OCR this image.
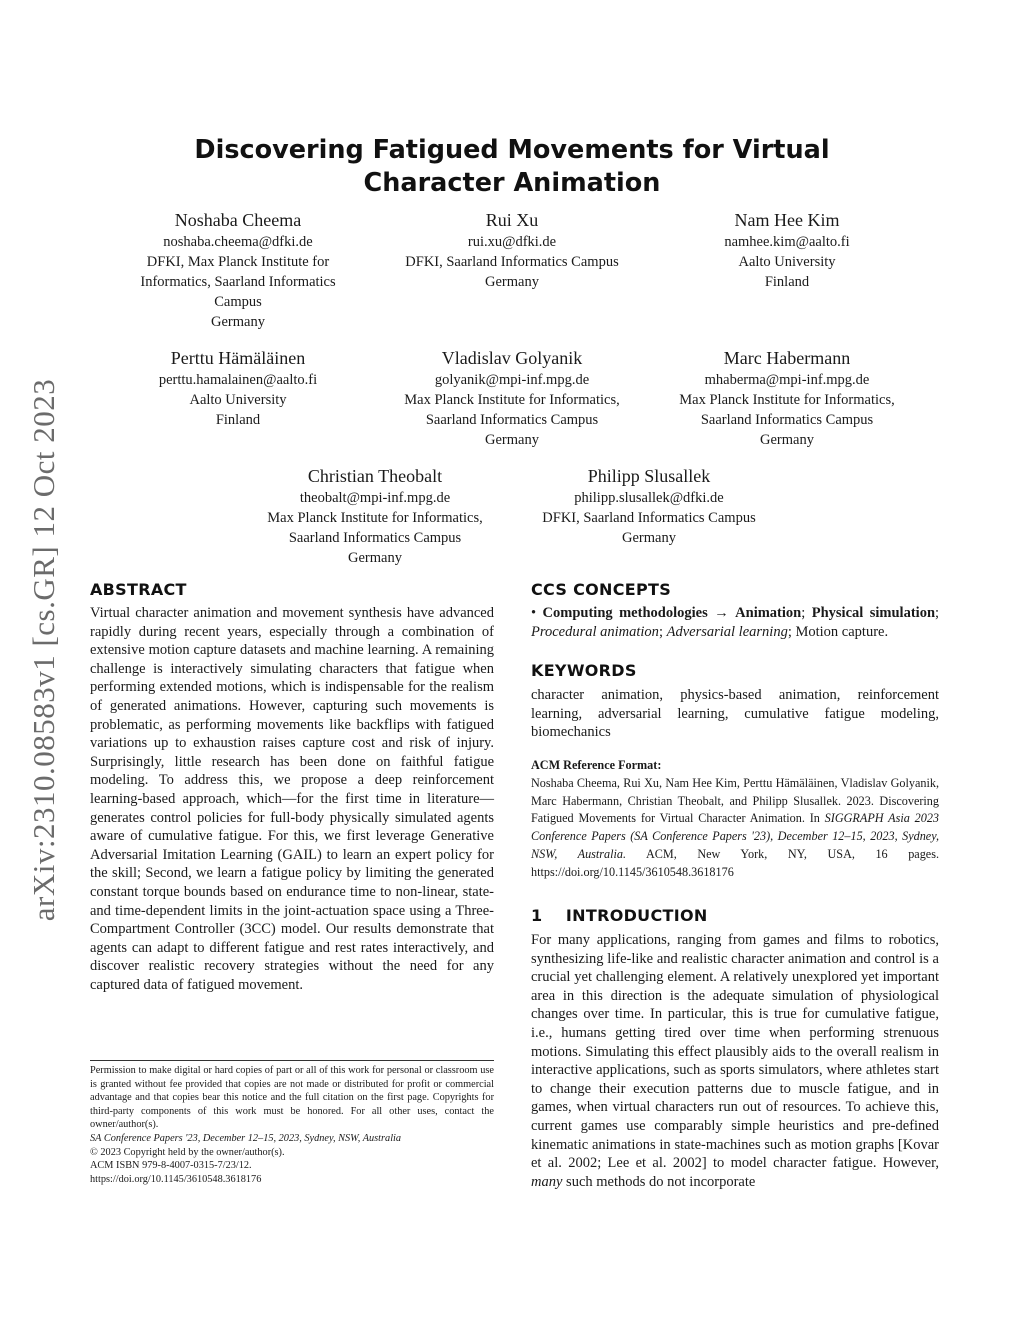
arXiv:2310.08583v1 [cs.GR] 12 Oct 2023
Discovering Fatigued Movements for Virtual Character Animation
Noshaba Cheema
noshaba.cheema@dfki.de
DFKI, Max Planck Institute for
Informatics, Saarland Informatics
Campus
Germany
Rui Xu
rui.xu@dfki.de
DFKI, Saarland Informatics Campus
Germany
Nam Hee Kim
namhee.kim@aalto.fi
Aalto University
Finland
Perttu Hämäläinen
perttu.hamalainen@aalto.fi
Aalto University
Finland
Vladislav Golyanik
golyanik@mpi-inf.mpg.de
Max Planck Institute for Informatics,
Saarland Informatics Campus
Germany
Marc Habermann
mhaberma@mpi-inf.mpg.de
Max Planck Institute for Informatics,
Saarland Informatics Campus
Germany
Christian Theobalt
theobalt@mpi-inf.mpg.de
Max Planck Institute for Informatics,
Saarland Informatics Campus
Germany
Philipp Slusallek
philipp.slusallek@dfki.de
DFKI, Saarland Informatics Campus
Germany
ABSTRACT

Virtual character animation and movement synthesis have advanced rapidly during recent years, especially through a combination of extensive motion capture datasets and machine learning. A remaining challenge is interactively simulating characters that fatigue when performing extended motions, which is indispensable for the realism of generated animations. However, capturing such movements is problematic, as performing movements like backflips with fatigued variations up to exhaustion raises capture cost and risk of injury. Surprisingly, little research has been done on faithful fatigue modeling. To address this, we propose a deep reinforcement learning-based approach, which—for the first time in literature—generates control policies for full-body physically simulated agents aware of cumulative fatigue. For this, we first leverage Generative Adversarial Imitation Learning (GAIL) to learn an expert policy for the skill; Second, we learn a fatigue policy by limiting the generated constant torque bounds based on endurance time to non-linear, state- and time-dependent limits in the joint-actuation space using a Three-Compartment Controller (3CC) model. Our results demonstrate that agents can adapt to different fatigue and rest rates interactively, and discover realistic recovery strategies without the need for any captured data of fatigued movement.

Permission to make digital or hard copies of part or all of this work for personal or classroom use is granted without fee provided that copies are not made or distributed for profit or commercial advantage and that copies bear this notice and the full citation on the first page. Copyrights for third-party components of this work must be honored. For all other uses, contact the owner/author(s).
SA Conference Papers '23, December 12–15, 2023, Sydney, NSW, Australia
© 2023 Copyright held by the owner/author(s).
ACM ISBN 979-8-4007-0315-7/23/12.
https://doi.org/10.1145/3610548.3618176
CCS CONCEPTS

• Computing methodologies → Animation; Physical simulation; Procedural animation; Adversarial learning; Motion capture.

KEYWORDS

character animation, physics-based animation, reinforcement learning, adversarial learning, cumulative fatigue modeling, biomechanics

ACM Reference Format:
Noshaba Cheema, Rui Xu, Nam Hee Kim, Perttu Hämäläinen, Vladislav Golyanik, Marc Habermann, Christian Theobalt, and Philipp Slusallek. 2023. Discovering Fatigued Movements for Virtual Character Animation. In SIGGRAPH Asia 2023 Conference Papers (SA Conference Papers '23), December 12–15, 2023, Sydney, NSW, Australia. ACM, New York, NY, USA, 16 pages. https://doi.org/10.1145/3610548.3618176
1 INTRODUCTION

For many applications, ranging from games and films to robotics, synthesizing life-like and realistic character animation and control is a crucial yet challenging element. A relatively unexplored yet important area in this direction is the adequate simulation of physiological changes over time. In particular, this is true for cumulative fatigue, i.e., humans getting tired over time when performing strenuous motions. Simulating this effect plausibly aids to the overall realism in interactive applications, such as sports simulators, where athletes start to change their execution patterns due to muscle fatigue, and in games, when virtual characters run out of resources. To achieve this, current games use comparably simple heuristics and pre-defined kinematic animations in state-machines such as motion graphs [Kovar et al. 2002; Lee et al. 2002] to model character fatigue. However, many such methods do not incorporate
